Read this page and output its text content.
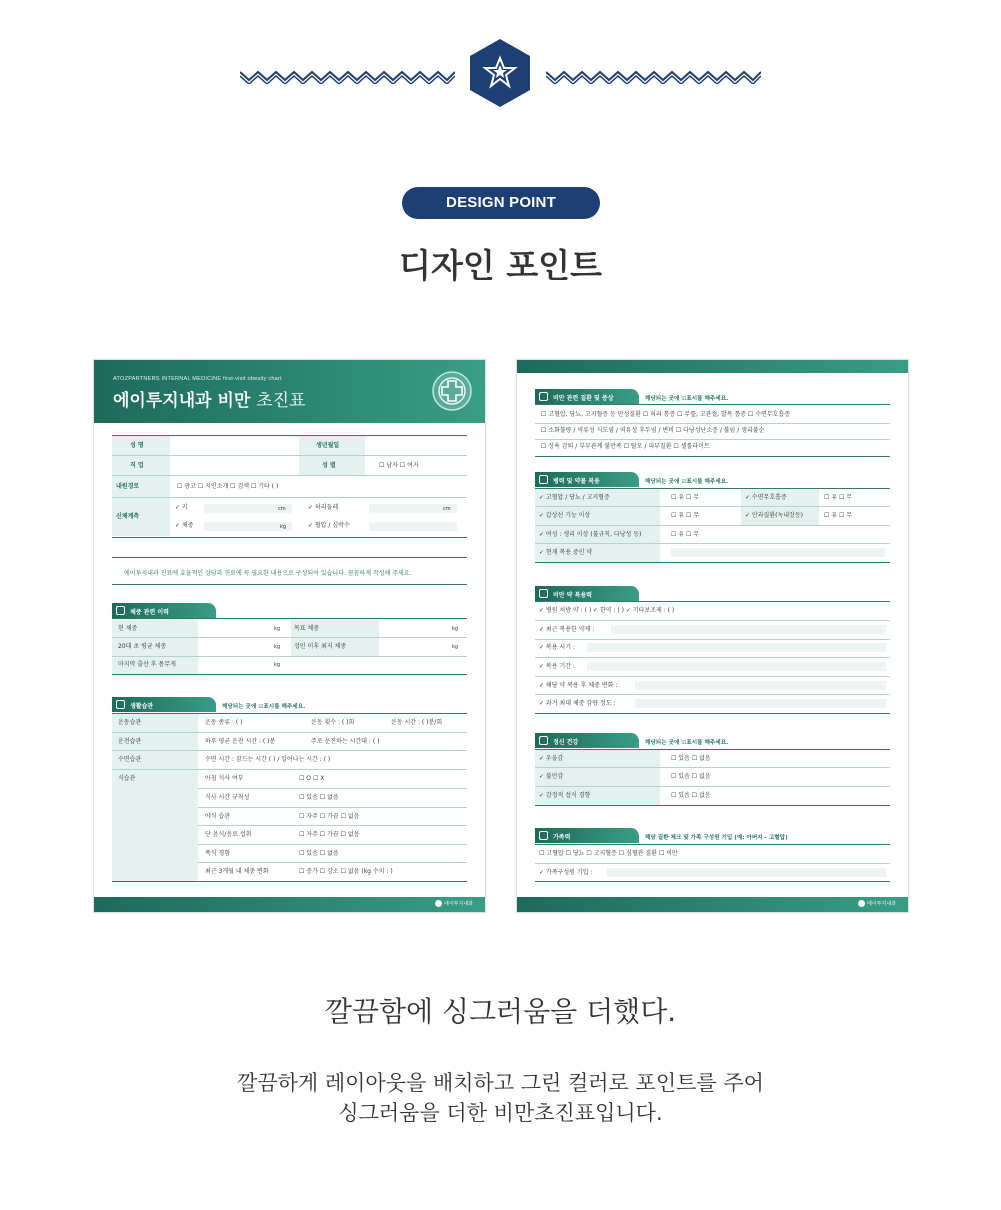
DESIGN POINT
디자인 포인트
ATOZPARTNERS INTERNAL MEDICINE first-visit obesity chart
에이투지내과 비만 초진표
성 명	생년월일
직 업	성 별	☐ 남자 ☐ 여자
내원경로	☐ 광고 ☐ 지인소개 ☐ 검색 ☐ 기타 ( )
신체계측
✓ 키	cm	✓ 허리둘레	cm
✓ 체중	kg	✓ 혈압 / 심박수
에이투지내과 진료에 효율적인 상담과 진료에 꼭 필요한 내용으로 구성되어 있습니다. 꼼꼼하게 작성해 주세요.
체중 관련 이력
현 체중	kg 목표 체중	kg
20대 초 평균 체중	kg 성인 이후 최저 체중	kg
마지막 출산 후 몸무게	kg
생활습관	해당되는 곳에 ☑표시를 해주세요.
운동습관	운동 종류 : ( )	운동 횟수 : ( )회	운동 시간 : ( )분/회
운전습관	하루 평균 운전 시간 : ( )분	주로 운전하는 시간대 : ( )
수면습관	수면 시간 : 잠드는 시간 ( ) / 일어나는 시간 : ( )
식습관	아침 식사 여부	☐ O ☐ X
식사 시간 규칙성	☐ 있음 ☐ 없음
야식 습관	☐ 자주 ☐ 가끔 ☐ 없음
단 음식/음료 섭취	☐ 자주 ☐ 가끔 ☐ 없음
폭식 경험	☐ 있음 ☐ 없음
최근 3개월 내 체중 변화	☐ 증가 ☐ 감소 ☐ 없음 (kg 수치 : )
에이투지내과
비만 관련 질환 및 증상	해당되는 곳에 ☑표시를 해주세요.
☐ 고혈압, 당뇨, 고지혈증 등 만성질환 ☐ 허리 통증 ☐ 무릎, 고관절, 발목 통증 ☐ 수면무호흡증
☐ 소화불량 / 역류성 식도염 / 역류성 후두염 / 변비 ☐ 다낭성난소증 / 불임 / 생리불순
☐ 성욕 감퇴 / 부부관계 불만족 ☐ 탈모 / 피부질환 ☐ 셀룰라이트
병력 및 약물 복용	해당되는 곳에 ☑표시를 해주세요.
✓ 고혈압 / 당뇨 / 고지혈증	☐ 유 ☐ 무	✓ 수면무호흡증	☐ 유 ☐ 무
✓ 갑상선 기능 이상	☐ 유 ☐ 무	✓ 안과질환(녹내장등)	☐ 유 ☐ 무
✓ 여성 : 생리 이상 (불규칙, 다낭성 등)	☐ 유 ☐ 무
✓ 현재 복용 중인 약
비만 약 복용력
✓ 병원 처방 약 : ( ) ✓ 한약 : ( ) ✓ 기타보조제 : ( )
✓ 최근 복용한 약제 :
✓ 복용 시기 :
✓ 복용 기간 :
✓ 해당 약 복용 후 체중 변화 :
✓ 과거 최대 체중 감량 정도 :
정신 건강	해당되는 곳에 ☑표시를 해주세요.
✓ 우울감	☐ 있음 ☐ 없음
✓ 불안감	☐ 있음 ☐ 없음
✓ 감정적 섭식 경향	☐ 있음 ☐ 없음
가족력	해당 질환 체크 및 가족 구성원 기입 (예: 아버지 - 고혈압)
☐ 고혈압 ☐ 당뇨 ☐ 고지혈증 ☐ 심혈관 질환 ☐ 비만
✓ 가족구성원 기입 :
에이투지내과
깔끔함에 싱그러움을 더했다.
깔끔하게 레이아웃을 배치하고 그린 컬러로 포인트를 주어
싱그러움을 더한 비만초진표입니다.
